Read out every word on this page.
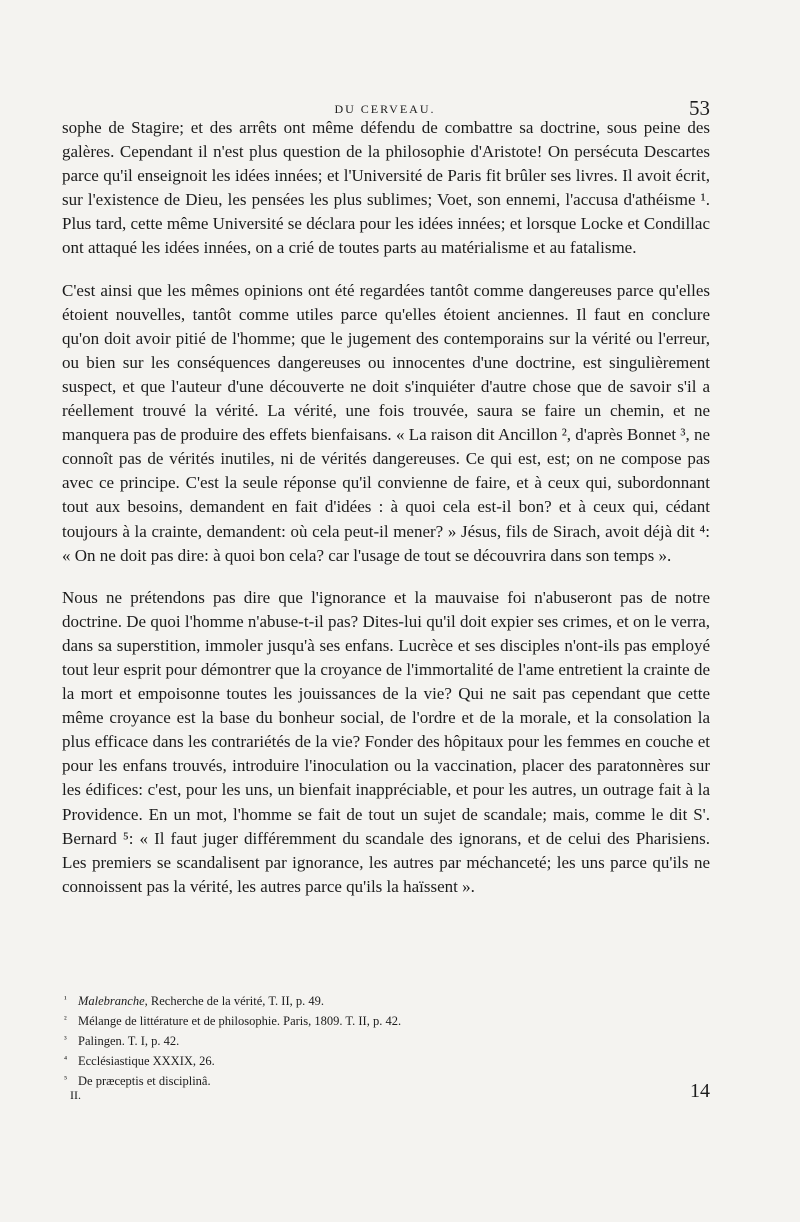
DU CERVEAU.	53

sophe de Stagire; et des arrêts ont même défendu de combattre sa doctrine, sous peine des galères. Cependant il n'est plus question de la philosophie d'Aristote! On persécuta Descartes parce qu'il enseignoit les idées innées; et l'Université de Paris fit brûler ses livres. Il avoit écrit, sur l'existence de Dieu, les pensées les plus sublimes; Voet, son ennemi, l'accusa d'athéisme ¹. Plus tard, cette même Université se déclara pour les idées innées; et lorsque Locke et Condillac ont attaqué les idées innées, on a crié de toutes parts au matérialisme et au fatalisme.

C'est ainsi que les mêmes opinions ont été regardées tantôt comme dangereuses parce qu'elles étoient nouvelles, tantôt comme utiles parce qu'elles étoient anciennes. Il faut en conclure qu'on doit avoir pitié de l'homme; que le jugement des contemporains sur la vérité ou l'erreur, ou bien sur les conséquences dangereuses ou innocentes d'une doctrine, est singulièrement suspect, et que l'auteur d'une découverte ne doit s'inquiéter d'autre chose que de savoir s'il a réellement trouvé la vérité. La vérité, une fois trouvée, saura se faire un chemin, et ne manquera pas de produire des effets bienfaisans. « La raison dit Ancillon ², d'après Bonnet ³, ne connoît pas de vérités inutiles, ni de vérités dangereuses. Ce qui est, est; on ne compose pas avec ce principe. C'est la seule réponse qu'il convienne de faire, et à ceux qui, subordonnant tout aux besoins, demandent en fait d'idées : à quoi cela est-il bon? et à ceux qui, cédant toujours à la crainte, demandent: où cela peut-il mener? » Jésus, fils de Sirach, avoit déjà dit ⁴: « On ne doit pas dire: à quoi bon cela? car l'usage de tout se découvrira dans son temps ».

Nous ne prétendons pas dire que l'ignorance et la mauvaise foi n'abuseront pas de notre doctrine. De quoi l'homme n'abuse-t-il pas? Dites-lui qu'il doit expier ses crimes, et on le verra, dans sa superstition, immoler jusqu'à ses enfans. Lucrèce et ses disciples n'ont-ils pas employé tout leur esprit pour démontrer que la croyance de l'immortalité de l'ame entretient la crainte de la mort et empoisonne toutes les jouissances de la vie? Qui ne sait pas cependant que cette même croyance est la base du bonheur social, de l'ordre et de la morale, et la consolation la plus efficace dans les contrariétés de la vie? Fonder des hôpitaux pour les femmes en couche et pour les enfans trouvés, introduire l'inoculation ou la vaccination, placer des paratonnères sur les édifices: c'est, pour les uns, un bienfait inappréciable, et pour les autres, un outrage fait à la Providence. En un mot, l'homme se fait de tout un sujet de scandale; mais, comme le dit S'. Bernard ⁵: « Il faut juger différemment du scandale des ignorans, et de celui des Pharisiens. Les premiers se scandalisent par ignorance, les autres par méchanceté; les uns parce qu'ils ne connoissent pas la vérité, les autres parce qu'ils la haïssent ».

¹ Malebranche, Recherche de la vérité, T. II, p. 49.

² Mélange de littérature et de philosophie. Paris, 1809. T. II, p. 42.

³ Palingen. T. I, p. 42.

⁴ Ecclésiastique XXXIX, 26.

⁵ De præceptis et disciplinâ.

II.	14
